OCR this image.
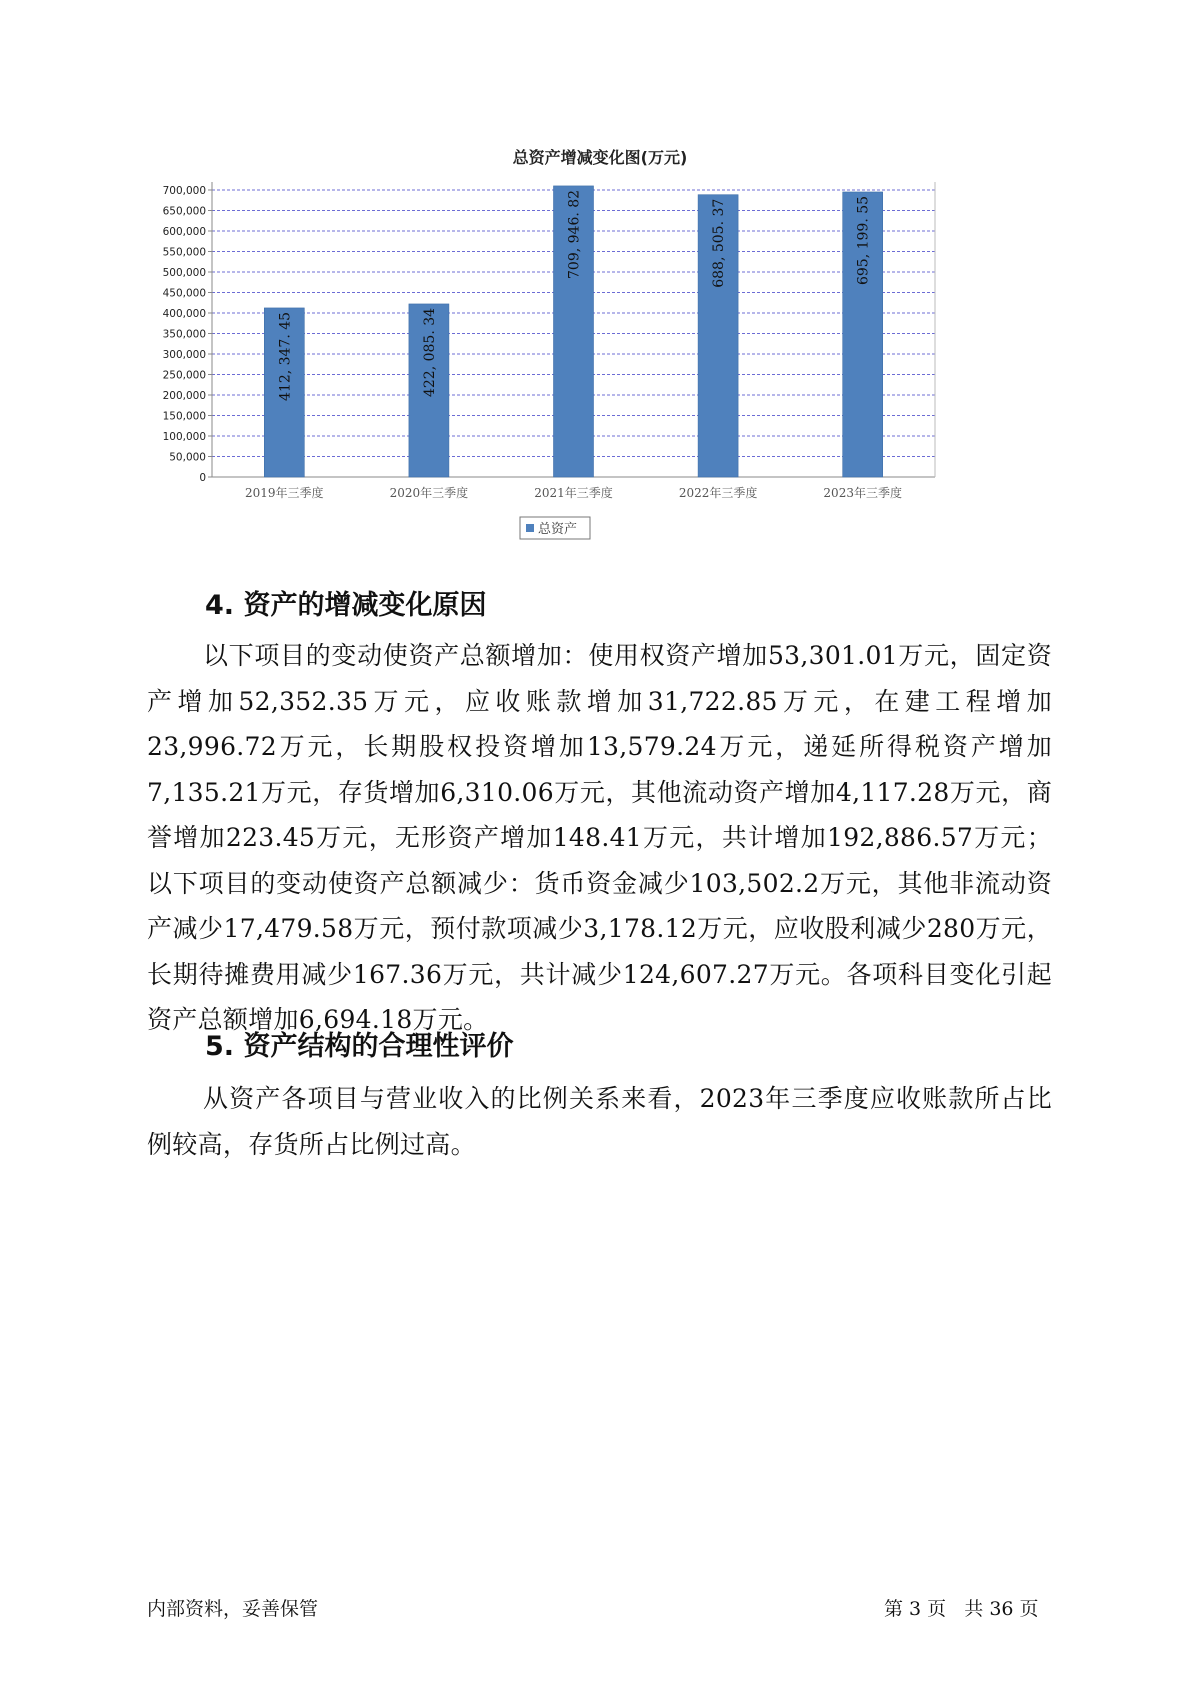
0
50,000
100,000
150,000
200,000
250,000
300,000
350,000
400,000
450,000
500,000
550,000
600,000
650,000
700,000
412, 347. 45
2019年三季度
422, 085. 34
2020年三季度
709, 946. 82
2021年三季度
688, 505. 37
2022年三季度
695, 199. 55
2023年三季度
总资产
总资产增减变化图(万元)
4. 资产的增减变化原因

以下项目的变动使资产总额增加：使用权资产增加53,301.01万元，固定资产增加52,352.35万元，应收账款增加31,722.85万元，在建工程增加23,996.72万元，长期股权投资增加13,579.24万元，递延所得税资产增加7,135.21万元，存货增加6,310.06万元，其他流动资产增加4,117.28万元，商誉增加223.45万元，无形资产增加148.41万元，共计增加192,886.57万元；以下项目的变动使资产总额减少：货币资金减少103,502.2万元，其他非流动资产减少17,479.58万元，预付款项减少3,178.12万元，应收股利减少280万元，长期待摊费用减少167.36万元，共计减少124,607.27万元。各项科目变化引起资产总额增加6,694.18万元。

5. 资产结构的合理性评价

从资产各项目与营业收入的比例关系来看，2023年三季度应收账款所占比例较高，存货所占比例过高。

内部资料，妥善保管	第 3 页   共 36 页
